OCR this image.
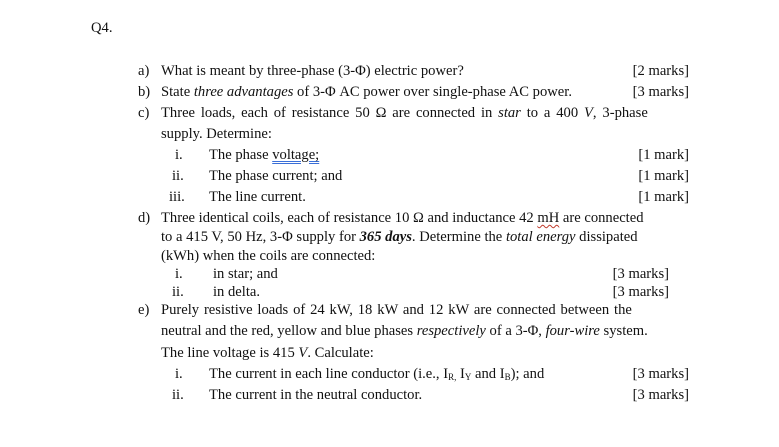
Q4.
a) What is meant by three-phase (3-Φ) electric power?	[2 marks]
b) State three advantages of 3-Φ AC power over single-phase AC power.	[3 marks]
c) Three loads, each of resistance 50 Ω are connected in star to a 400 V, 3-phase
supply. Determine:
i. The phase voltage;	[1 mark]
ii. The phase current; and	[1 mark]
iii. The line current.	[1 mark]
d) Three identical coils, each of resistance 10 Ω and inductance 42 mH are connected
to a 415 V, 50 Hz, 3-Φ supply for 365 days. Determine the total energy dissipated
(kWh) when the coils are connected:
i. in star; and	[3 marks]
ii. in delta.	[3 marks]
e) Purely resistive loads of 24 kW, 18 kW and 12 kW are connected between the
neutral and the red, yellow and blue phases respectively of a 3-Φ, four-wire system.
The line voltage is 415 V. Calculate:
i. The current in each line conductor (i.e., $I_{R,}$ $I_Y$ and $I_B$); and	[3 marks]
ii. The current in the neutral conductor.	[3 marks]
